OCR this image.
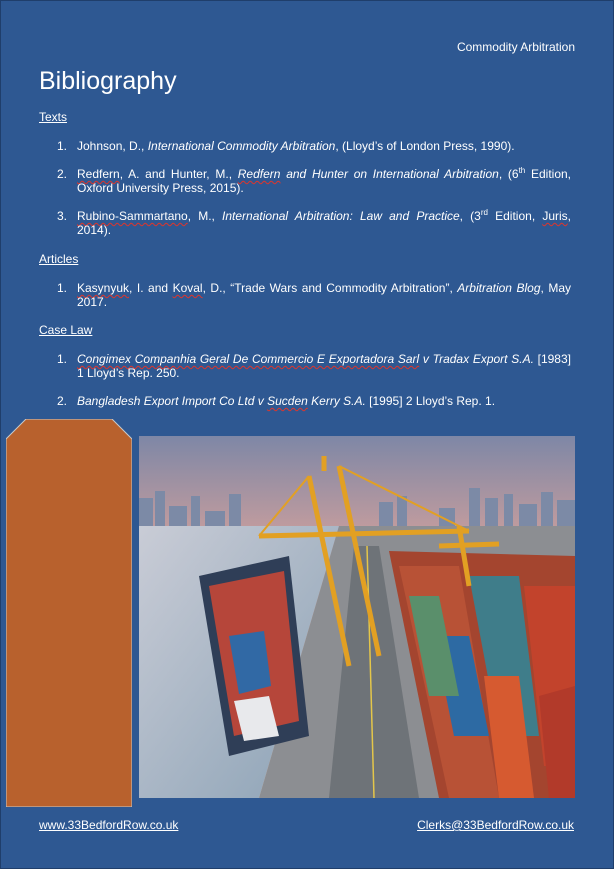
Commodity Arbitration
Bibliography
Texts
1. Johnson, D., International Commodity Arbitration, (Lloyd’s of London Press, 1990).
2. Redfern, A. and Hunter, M., Redfern and Hunter on International Arbitration, (6th Edition, Oxford University Press, 2015).
3. Rubino-Sammartano, M., International Arbitration: Law and Practice, (3rd Edition, Juris, 2014).
Articles
1. Kasynyuk, I. and Koval, D., “Trade Wars and Commodity Arbitration”, Arbitration Blog, May 2017.
Case Law
1. Congimex Companhia Geral De Commercio E Exportadora Sarl v Tradax Export S.A. [1983] 1 Lloyd’s Rep. 250.
2. Bangladesh Export Import Co Ltd v Sucden Kerry S.A. [1995] 2 Lloyd’s Rep. 1.
www.33BedfordRow.co.uk	Clerks@33BedfordRow.co.uk
